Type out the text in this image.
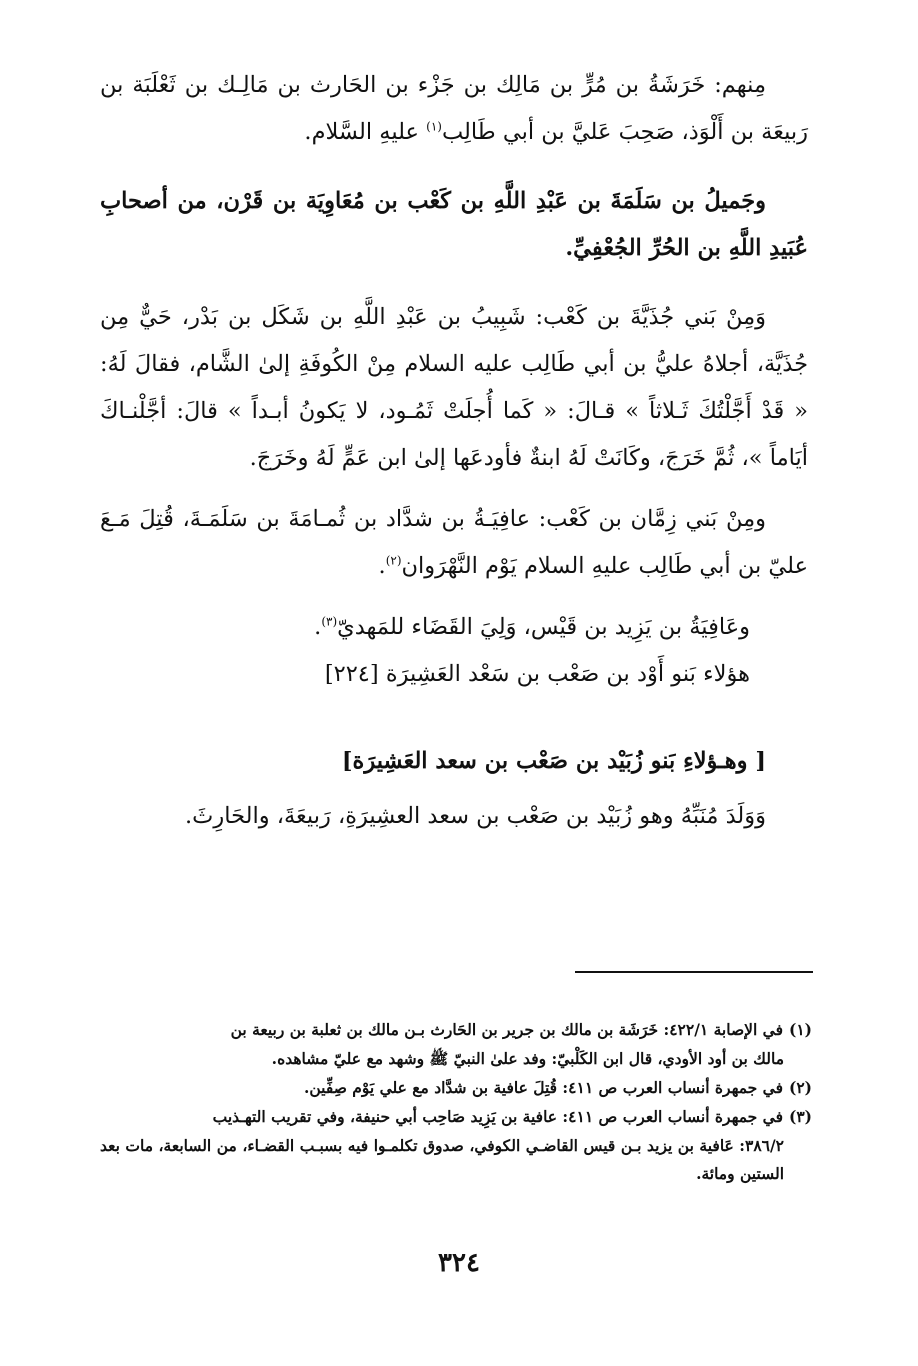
مِنهم: خَرَشَةُ بن مُرٍّ بن مَالِك بن جَزْء بن الحَارث بن مَالِـك بن ثَعْلَبَة بن رَبيعَة بن أَلْوَذ، صَحِبَ عَليَّ بن أبي طَالِب$^{(١)}$ عليهِ السَّلام.

وجَميلُ بن سَلَمَةَ بن عَبْدِ اللَّهِ بن كَعْب بن مُعَاوِيَة بن قَرْن، من أصحابِ عُبَيدِ اللَّهِ بن الحُرِّ الجُعْفِيِّ.

وَمِنْ بَني جُذَيَّةَ بن كَعْب: شَبِيبُ بن عَبْدِ اللَّهِ بن شَكَل بن بَدْر، حَيٌّ مِن جُذَيَّة، أجلاهُ عليُّ بن أبي طَالِب عليه السلام مِنْ الكُوفَةِ إلىٰ الشَّام، فقالَ لَهُ: « قَدْ أَجَّلْتُكَ ثَـلاثاً » قـالَ: « كَما أُجلَتْ ثَمُـود، لا يَكونُ أبـداً » قالَ: أجَّلْنـاكَ أيَاماً »، ثُمَّ خَرَجَ، وكَانَتْ لَهُ ابنةٌ فأودعَها إلىٰ ابن عَمٍّ لَهُ وخَرَجَ.

ومِنْ بَني زِمَّان بن كَعْب: عافِيَـةُ بن شدَّاد بن ثُمـامَةَ بن سَلَمَـةَ، قُتِلَ مَـعَ عليّ بن أبي طَالِب عليهِ السلام يَوْم النَّهْرَوان$^{(٢)}$.

وعَافِيَةُ بن يَزِيد بن قَيْس، وَلِيَ القَضَاء للمَهديّ$^{(٣)}$.

هؤلاء بَنو أَوْد بن صَعْب بن سَعْد العَشِيرَة [٢٢٤]

[ وهـؤلاءِ بَنو زُبَيْد بن صَعْب بن سعد العَشِيرَة]

وَوَلَدَ مُنَبِّهُ وهو زُبَيْد بن صَعْب بن سعد العشِيرَةِ، رَبيعَةَ، والحَارِثَ.

(١)في الإصابة ٤٢٢/١: خَرَشَة بن مالك بن جرير بن الحَارث بـن مالك بن ثعلبة بن ربيعة بن

مالك بن أود الأودي، قال ابن الكَلْبيّ: وفد علىٰ النبيّ ﷺ وشهد مع عليّ مشاهده.

(٢)في جمهرة أنساب العرب ص ٤١١: قُتِلَ عافية بن شدَّاد مع علي يَوْم صِفِّين.

(٣)في جمهرة أنساب العرب ص ٤١١: عافية بن يَزِيد صَاحِب أبي حنيفة، وفي تقريب التهـذيب

٣٨٦/٢: عَافية بن يزيد بـن قيس القاضـي الكوفي، صدوق تكلمـوا فيه بسبـب القضـاء، من السابعة، مات بعد الستين ومائة.

٣٢٤
